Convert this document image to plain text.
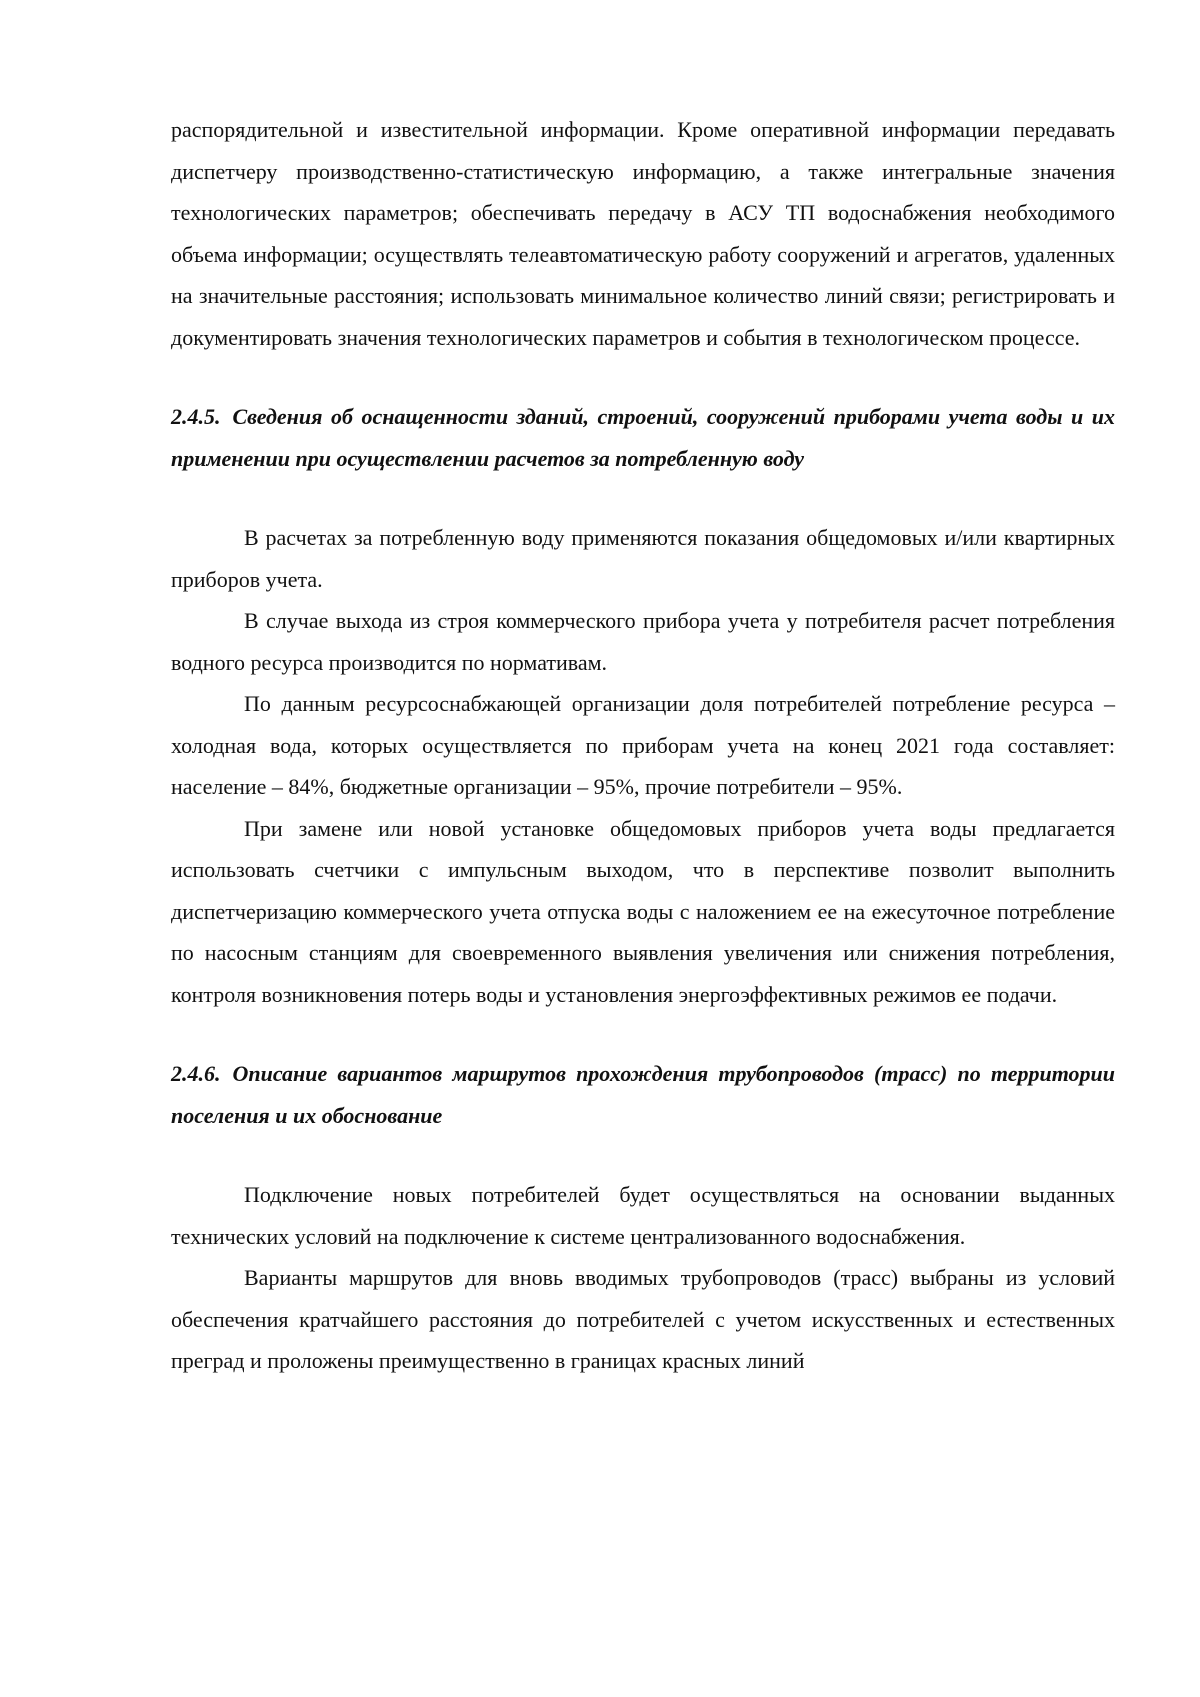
распорядительной и известительной информации. Кроме оперативной информации передавать диспетчеру производственно-статистическую информацию, а также интегральные значения технологических параметров; обеспечивать передачу в АСУ ТП водоснабжения необходимого объема информации; осуществлять телеавтоматическую работу сооружений и агрегатов, удаленных на значительные расстояния; использовать минимальное количество линий связи; регистрировать и документировать значения технологических параметров и события в технологическом процессе.

2.4.5. Сведения об оснащенности зданий, строений, сооружений приборами учета воды и их применении при осуществлении расчетов за потребленную воду

В расчетах за потребленную воду применяются показания общедомовых и/или квартирных приборов учета.

В случае выхода из строя коммерческого прибора учета у потребителя расчет потребления водного ресурса производится по нормативам.

По данным ресурсоснабжающей организации доля потребителей потребление ресурса – холодная вода, которых осуществляется по приборам учета на конец 2021 года составляет: население – 84%, бюджетные организации – 95%, прочие потребители – 95%.

При замене или новой установке общедомовых приборов учета воды предлагается использовать счетчики с импульсным выходом, что в перспективе позволит выполнить диспетчеризацию коммерческого учета отпуска воды с наложением ее на ежесуточное потребление по насосным станциям для своевременного выявления увеличения или снижения потребления, контроля возникновения потерь воды и установления энергоэффективных режимов ее подачи.

2.4.6. Описание вариантов маршрутов прохождения трубопроводов (трасс) по территории поселения и их обоснование

Подключение новых потребителей будет осуществляться на основании выданных технических условий на подключение к системе централизованного водоснабжения.

Варианты маршрутов для вновь вводимых трубопроводов (трасс) выбраны из условий обеспечения кратчайшего расстояния до потребителей с учетом искусственных и естественных преград и проложены преимущественно в границах красных линий
